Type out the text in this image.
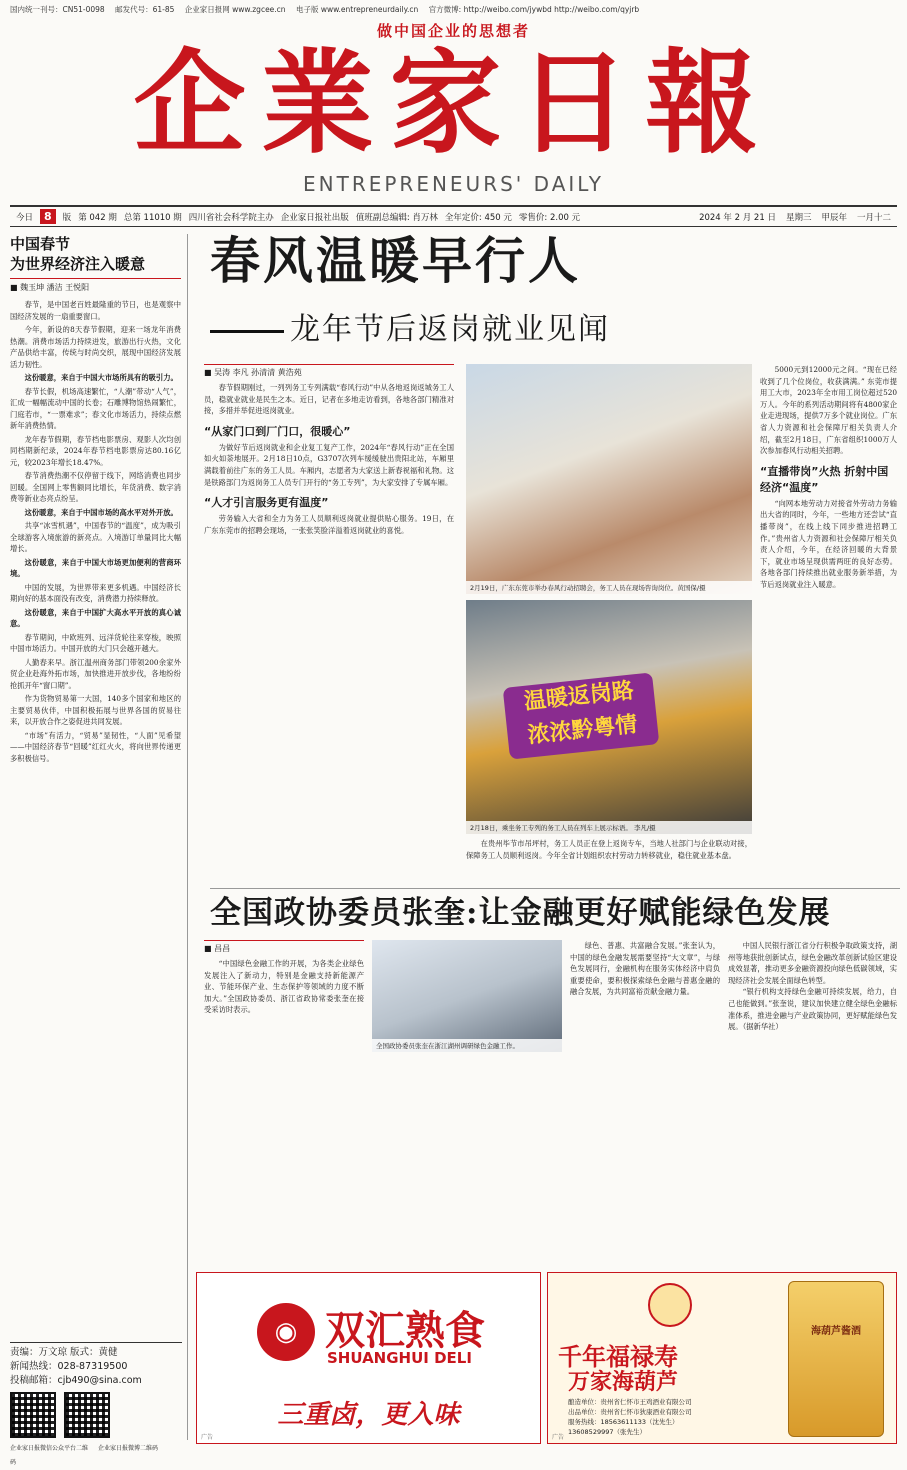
国内统一刊号：CN51-0098 邮发代号：61-85 企业家日报网 www.zgcee.cn 电子版 www.entrepreneurdaily.cn 官方微博: http://weibo.com/jywbd http://weibo.com/qyjrb
做中国企业的思想者
企業家日報
ENTREPRENEURS' DAILY
今日	8	版 第 042 期 总第 11010 期 四川省社会科学院主办 企业家日报社出版 值班副总编辑: 肖万林 全年定价: 450 元 零售价: 2.00 元	2024 年 2 月 21 日 星期三 甲辰年 一月十二
中国春节
为世界经济注入暖意
■ 魏玉坤 潘洁 王悦阳

春节，是中国老百姓最隆重的节日，也是观察中国经济发展的一扇重要窗口。

今年，新设的8天春节假期，迎来一场龙年消费热潮。消费市场活力持续迸发，旅游出行火热，文化产品供给丰富，传统与时尚交织，展现中国经济发展活力韧性。

这份暖意，来自于中国大市场所具有的吸引力。

春节长假，机场高速繁忙，“人潮”带动“人气”，汇成一幅幅流动中国的长卷；石雕博物馆热闹繁忙，门庭若市，“一票难求”；春文化市场活力，持续点燃新年消费热情。

龙年春节假期，春节档电影票房、观影人次均创同档期新纪录，2024年春节档电影票房达80.16亿元，较2023年增长18.47%。

春节消费热潮不仅停留于线下，网络消费也同步回暖。全国网上零售额同比增长，年货消费、数字消费等新业态亮点纷呈。

这份暖意，来自于中国市场的高水平对外开放。

共享“冰雪机遇”，中国春节的“温度”，成为吸引全球游客入境旅游的新亮点。入境游订单量同比大幅增长。

这份暖意，来自于中国大市场更加便利的营商环境。

中国的发展，为世界带来更多机遇。中国经济长期向好的基本面没有改变，消费潜力持续释放。

这份暖意，来自于中国扩大高水平开放的真心诚意。

春节期间，中欧班列、远洋货轮往来穿梭，映照中国市场活力。中国开放的大门只会越开越大。

人勤春来早。浙江温州商务部门带领200余家外贸企业赴海外拓市场，加快推进开放步伐，各地纷纷抢抓开年“窗口期”。

作为货物贸易第一大国，140多个国家和地区的主要贸易伙伴，中国积极拓展与世界各国的贸易往来，以开放合作之姿促进共同发展。

“市场”有活力，“贸易”显韧性，“人面”见希望——中国经济春节“回暖”红红火火，将向世界传递更多积极信号。

责编：万文琼 版式：黄健
新闻热线：028-87319500
投稿邮箱：cjb490@sina.com
企业家日报微信公众平台二维码
企业家日报微博二维码
春风温暖早行人
龙年节后返岗就业见闻
■ 吴涛 李凡 孙清清 黄浩苑

春节假期刚过，一列列务工专列满载“春风行动”中从各地返岗返城务工人员，稳就业就业是民生之本。近日，记者在多地走访看到，各地各部门精准对接，多措并举促进返岗就业。

“从家门口到厂门口，很暖心”

为做好节后返岗就业和企业复工复产工作，2024年“春风行动”正在全国如火如荼地展开。2月18日10点，G3707次列车缓缓驶出贵阳北站，车厢里满载着前往广东的务工人员。车厢内，志愿者为大家送上新春祝福和礼物。这是铁路部门为返岗务工人员专门开行的“务工专列”，为大家安排了专属车厢。

“人才引言服务更有温度”

劳务输入大省和全力为务工人员顺利返岗就业提供贴心服务。19日，在广东东莞市的招聘会现场，一张张笑脸洋溢着返岗就业的喜悦。

2月19日，广东东莞市举办春风行动招聘会，务工人员在现场咨询岗位。黄国保/摄
温暖返岗路
浓浓黔粤情
2月18日，乘坐务工专列的务工人员在列车上展示标语。 李凡/摄

在贵州毕节市吊坪村，务工人员正在登上返岗专车，当地人社部门与企业联动对接，保障务工人员顺利返岗。今年全省计划组织农村劳动力转移就业，稳住就业基本盘。

5000元到12000元之间。“现在已经收到了几个位岗位，收获满满。” 东莞市提用工大市，2023年全市用工岗位超过520万人。今年的系列活动期间将有4800家企业走进现场，提供7万多个就业岗位。广东省人力资源和社会保障厅相关负责人介绍，截至2月18日，广东省组织1000万人次参加春风行动相关招聘。

“直播带岗”火热 折射中国经济“温度”

“向网本地劳动力对接省外劳动力务输出大省的同时，今年，一些地方还尝试“直播带岗”，在线上线下同步推进招聘工作。”贵州省人力资源和社会保障厅相关负责人介绍，今年，在经济回暖的大背景下，就业市场呈现供需两旺的良好态势。各地各部门持续推出就业服务新举措，为节后返岗就业注入暖意。

全国政协委员张奎:让金融更好赋能绿色发展
■ 昌昌

“中国绿色金融工作的开展，为各类企业绿色发展注入了新动力，特别是金融支持新能源产业、节能环保产业、生态保护等领域的力度不断加大。”全国政协委员、浙江省政协常委张奎在接受采访时表示。

全国政协委员张奎在浙江湖州调研绿色金融工作。

绿色、普惠、共富融合发展。”张奎认为，中国的绿色金融发展需要坚持“大文章”，与绿色发展同行，金融机构在服务实体经济中肩负重要使命，要积极探索绿色金融与普惠金融的融合发展，为共同富裕贡献金融力量。

中国人民银行浙江省分行积极争取政策支持，湖州等地获批创新试点，绿色金融改革创新试验区建设成效显著，推动更多金融资源投向绿色低碳领域，实现经济社会发展全面绿色转型。

“银行机构支持绿色金融可持续发展，给力，自己也能做到。”张奎说，建议加快建立健全绿色金融标准体系，推进金融与产业政策协同，更好赋能绿色发展。（据新华社）

◉ 双汇熟食
SHUANGHUI DELI
三重卤，更入味
广告
千年福禄寿
万家海葫芦
酿造单位：贵州省仁怀市王鸡酒业有限公司
出品单位：贵州省仁怀市狄康酒业有限公司
服务热线：18563611133（沈先生）
13608529997（张先生）
海葫芦酱酒
广告
